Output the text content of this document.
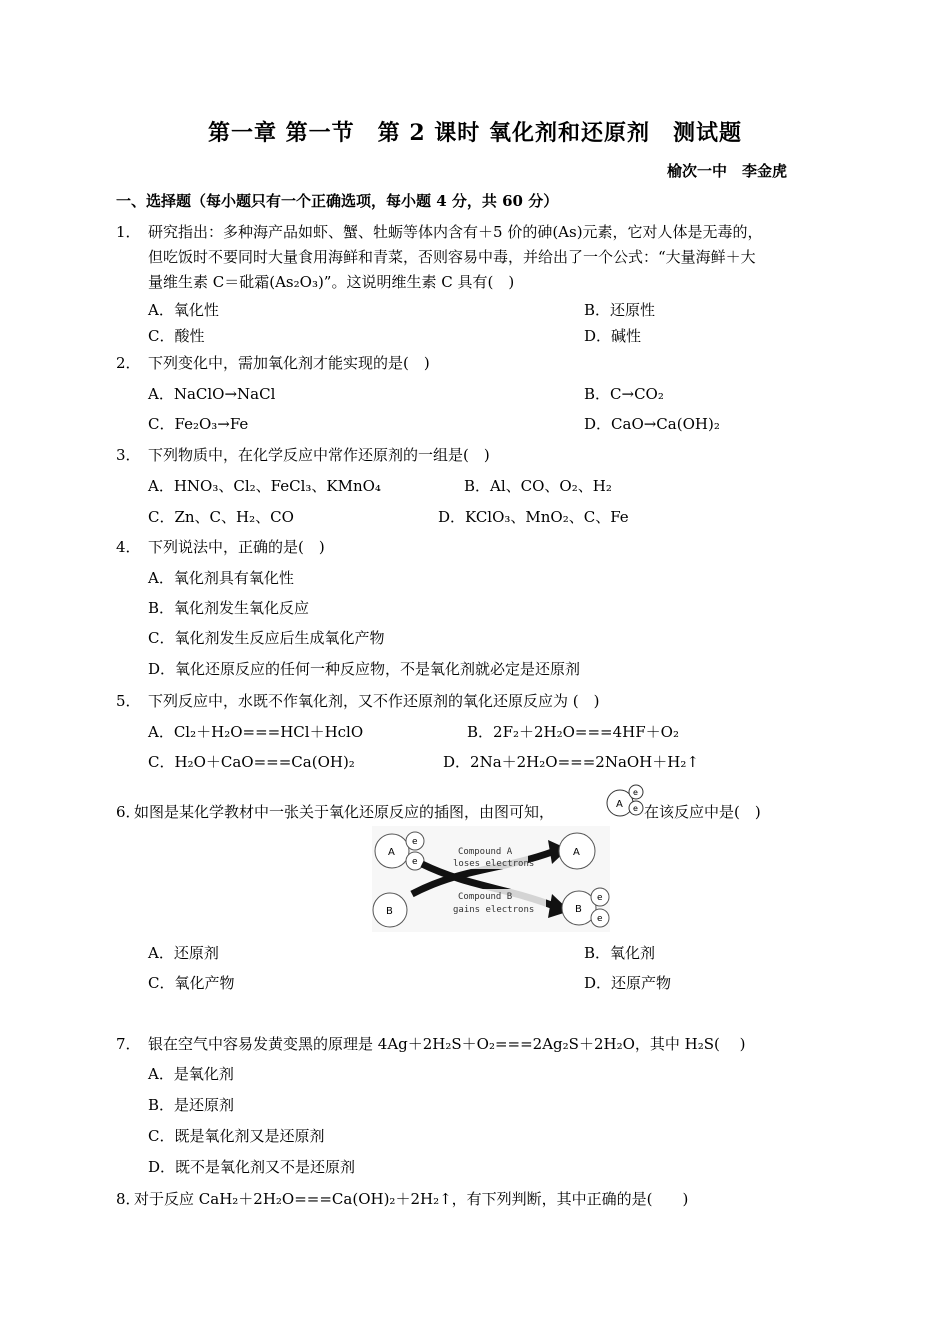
第一章 第一节　第 2 课时 氧化剂和还原剂　测试题
榆次一中　李金虎
一、选择题（每小题只有一个正确选项，每小题 4 分，共 60 分）
1． 研究指出：多种海产品如虾、蟹、牡蛎等体内含有＋5 价的砷(As)元素，它对人体是无毒的，
但吃饭时不要同时大量食用海鲜和青菜，否则容易中毒，并给出了一个公式：“大量海鲜＋大
量维生素 C＝砒霜(As₂O₃)”。这说明维生素 C 具有(　)
A．氧化性	B．还原性
C．酸性	D．碱性
2． 下列变化中，需加氧化剂才能实现的是(　)
A．NaClO→NaCl	B．C→CO₂
C．Fe₂O₃→Fe	D．CaO→Ca(OH)₂
3． 下列物质中，在化学反应中常作还原剂的一组是(　)
A．HNO₃、Cl₂、FeCl₃、KMnO₄	B．Al、CO、O₂、H₂
C．Zn、C、H₂、CO	D．KClO₃、MnO₂、C、Fe
4． 下列说法中，正确的是(　)
A．氧化剂具有氧化性
B．氧化剂发生氧化反应
C．氧化剂发生反应后生成氧化产物
D．氧化还原反应的任何一种反应物，不是氧化剂就必定是还原剂
5． 下列反应中，水既不作氧化剂，又不作还原剂的氧化还原反应为 (　)
A．Cl₂＋H₂O===HCl＋HclO	B．2F₂＋2H₂O===4HF＋O₂
C．H₂O＋CaO===Ca(OH)₂	D．2Na＋2H₂O===2NaOH＋H₂↑
6．
如图是某化学教材中一张关于氧化还原反应的插图，由图可知，	A
e
e 在该反应中是(　)
A
e
e
B
Compound A
loses electrons
Compound B
gains electrons
A
B
e
e
A．还原剂	B．氧化剂
C．氧化产物	D．还原产物
7． 银在空气中容易发黄变黑的原理是 4Ag＋2H₂S＋O₂===2Ag₂S＋2H₂O，其中 H₂S(　 )
A．是氧化剂
B．是还原剂
C．既是氧化剂又是还原剂
D．既不是氧化剂又不是还原剂
8．
对于反应 CaH₂＋2H₂O===Ca(OH)₂＋2H₂↑，有下列判断，其中正确的是(　　)
